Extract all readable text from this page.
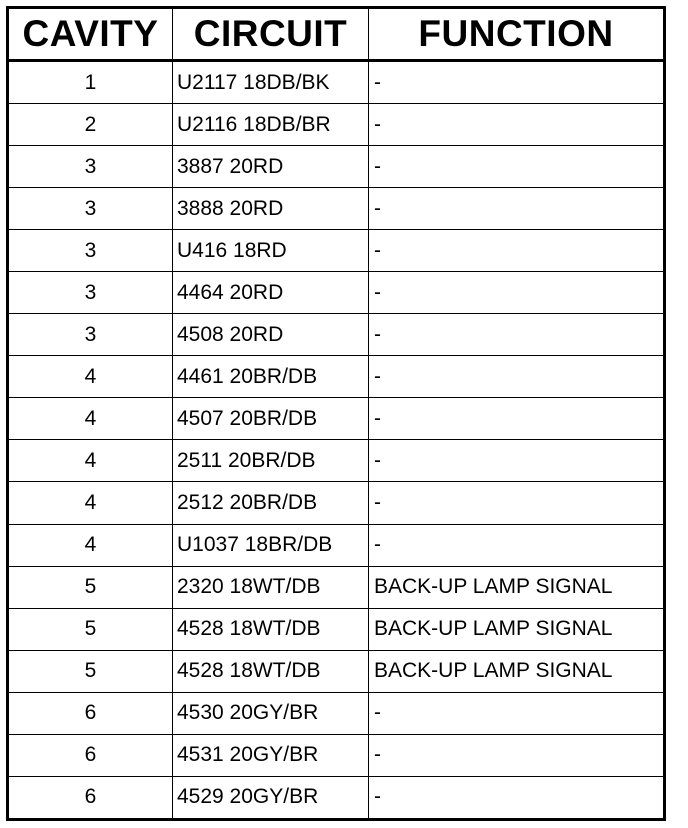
CAVITY	CIRCUIT	FUNCTION
1	U2117 18DB/BK	-
2	U2116 18DB/BR	-
3	3887 20RD	-
3	3888 20RD	-
3	U416 18RD	-
3	4464 20RD	-
3	4508 20RD	-
4	4461 20BR/DB	-
4	4507 20BR/DB	-
4	2511 20BR/DB	-
4	2512 20BR/DB	-
4	U1037 18BR/DB	-
5	2320 18WT/DB	BACK-UP LAMP SIGNAL
5	4528 18WT/DB	BACK-UP LAMP SIGNAL
5	4528 18WT/DB	BACK-UP LAMP SIGNAL
6	4530 20GY/BR	-
6	4531 20GY/BR	-
6	4529 20GY/BR	-
